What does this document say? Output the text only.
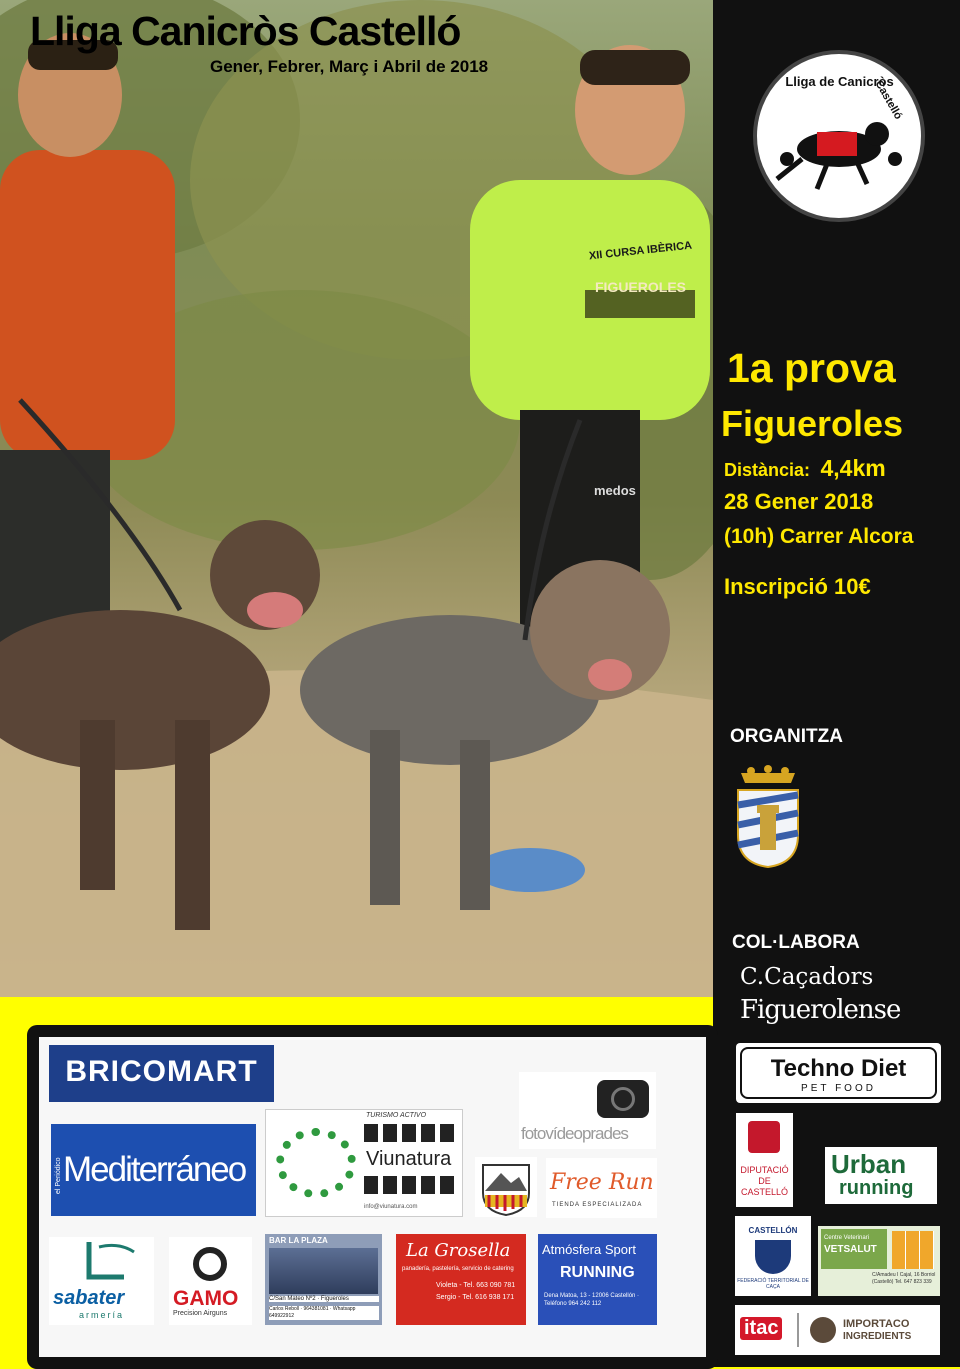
XII CURSA IBÈRICA
FIGUEROLES
medos
Lliga Canicròs Castelló
Gener, Febrer, Març i Abril de 2018
Lliga de Canicròs
Castelló
1a prova
Figueroles
Distància: 4,4km
28 Gener 2018
(10h) Carrer Alcora
Inscripció 10€
ORGANITZA
COL·LABORA
C.Caçadors
Figuerolense
Techno Diet
PET FOOD
DIPUTACIÓ DE CASTELLÓ
Urban
running
CASTELLÓN
FEDERACIÓ TERRITORIAL DE CAÇA
Centre Veterinari
VETSALUT
C/Amadeu I Cajal, 16 Borriol (Castelló) Tel. 647 823 339
itac	IMPORTACO
INGREDIENTS
BRICOMART
el Periódico Mediterráneo
TURISMO ACTIVO
Viunatura
info@viunatura.com
fotovídeoprades
Free Run
TIENDA ESPECIALIZADA
sabater
armería
GAMO
Precision Airguns
BAR LA PLAZA
C/San Mateo Nº2 · Figueroles
Carlos Reboll · 964381081 · Whatsapp 649922912
La Grosella
panadería, pastelería, servicio de catering
Violeta - Tel. 663 090 781
Sergio - Tel. 616 938 171
Atmósfera Sport
RUNNING
Dena Matoa, 13 - 12006 Castellón · Teléfono 964 242 112
